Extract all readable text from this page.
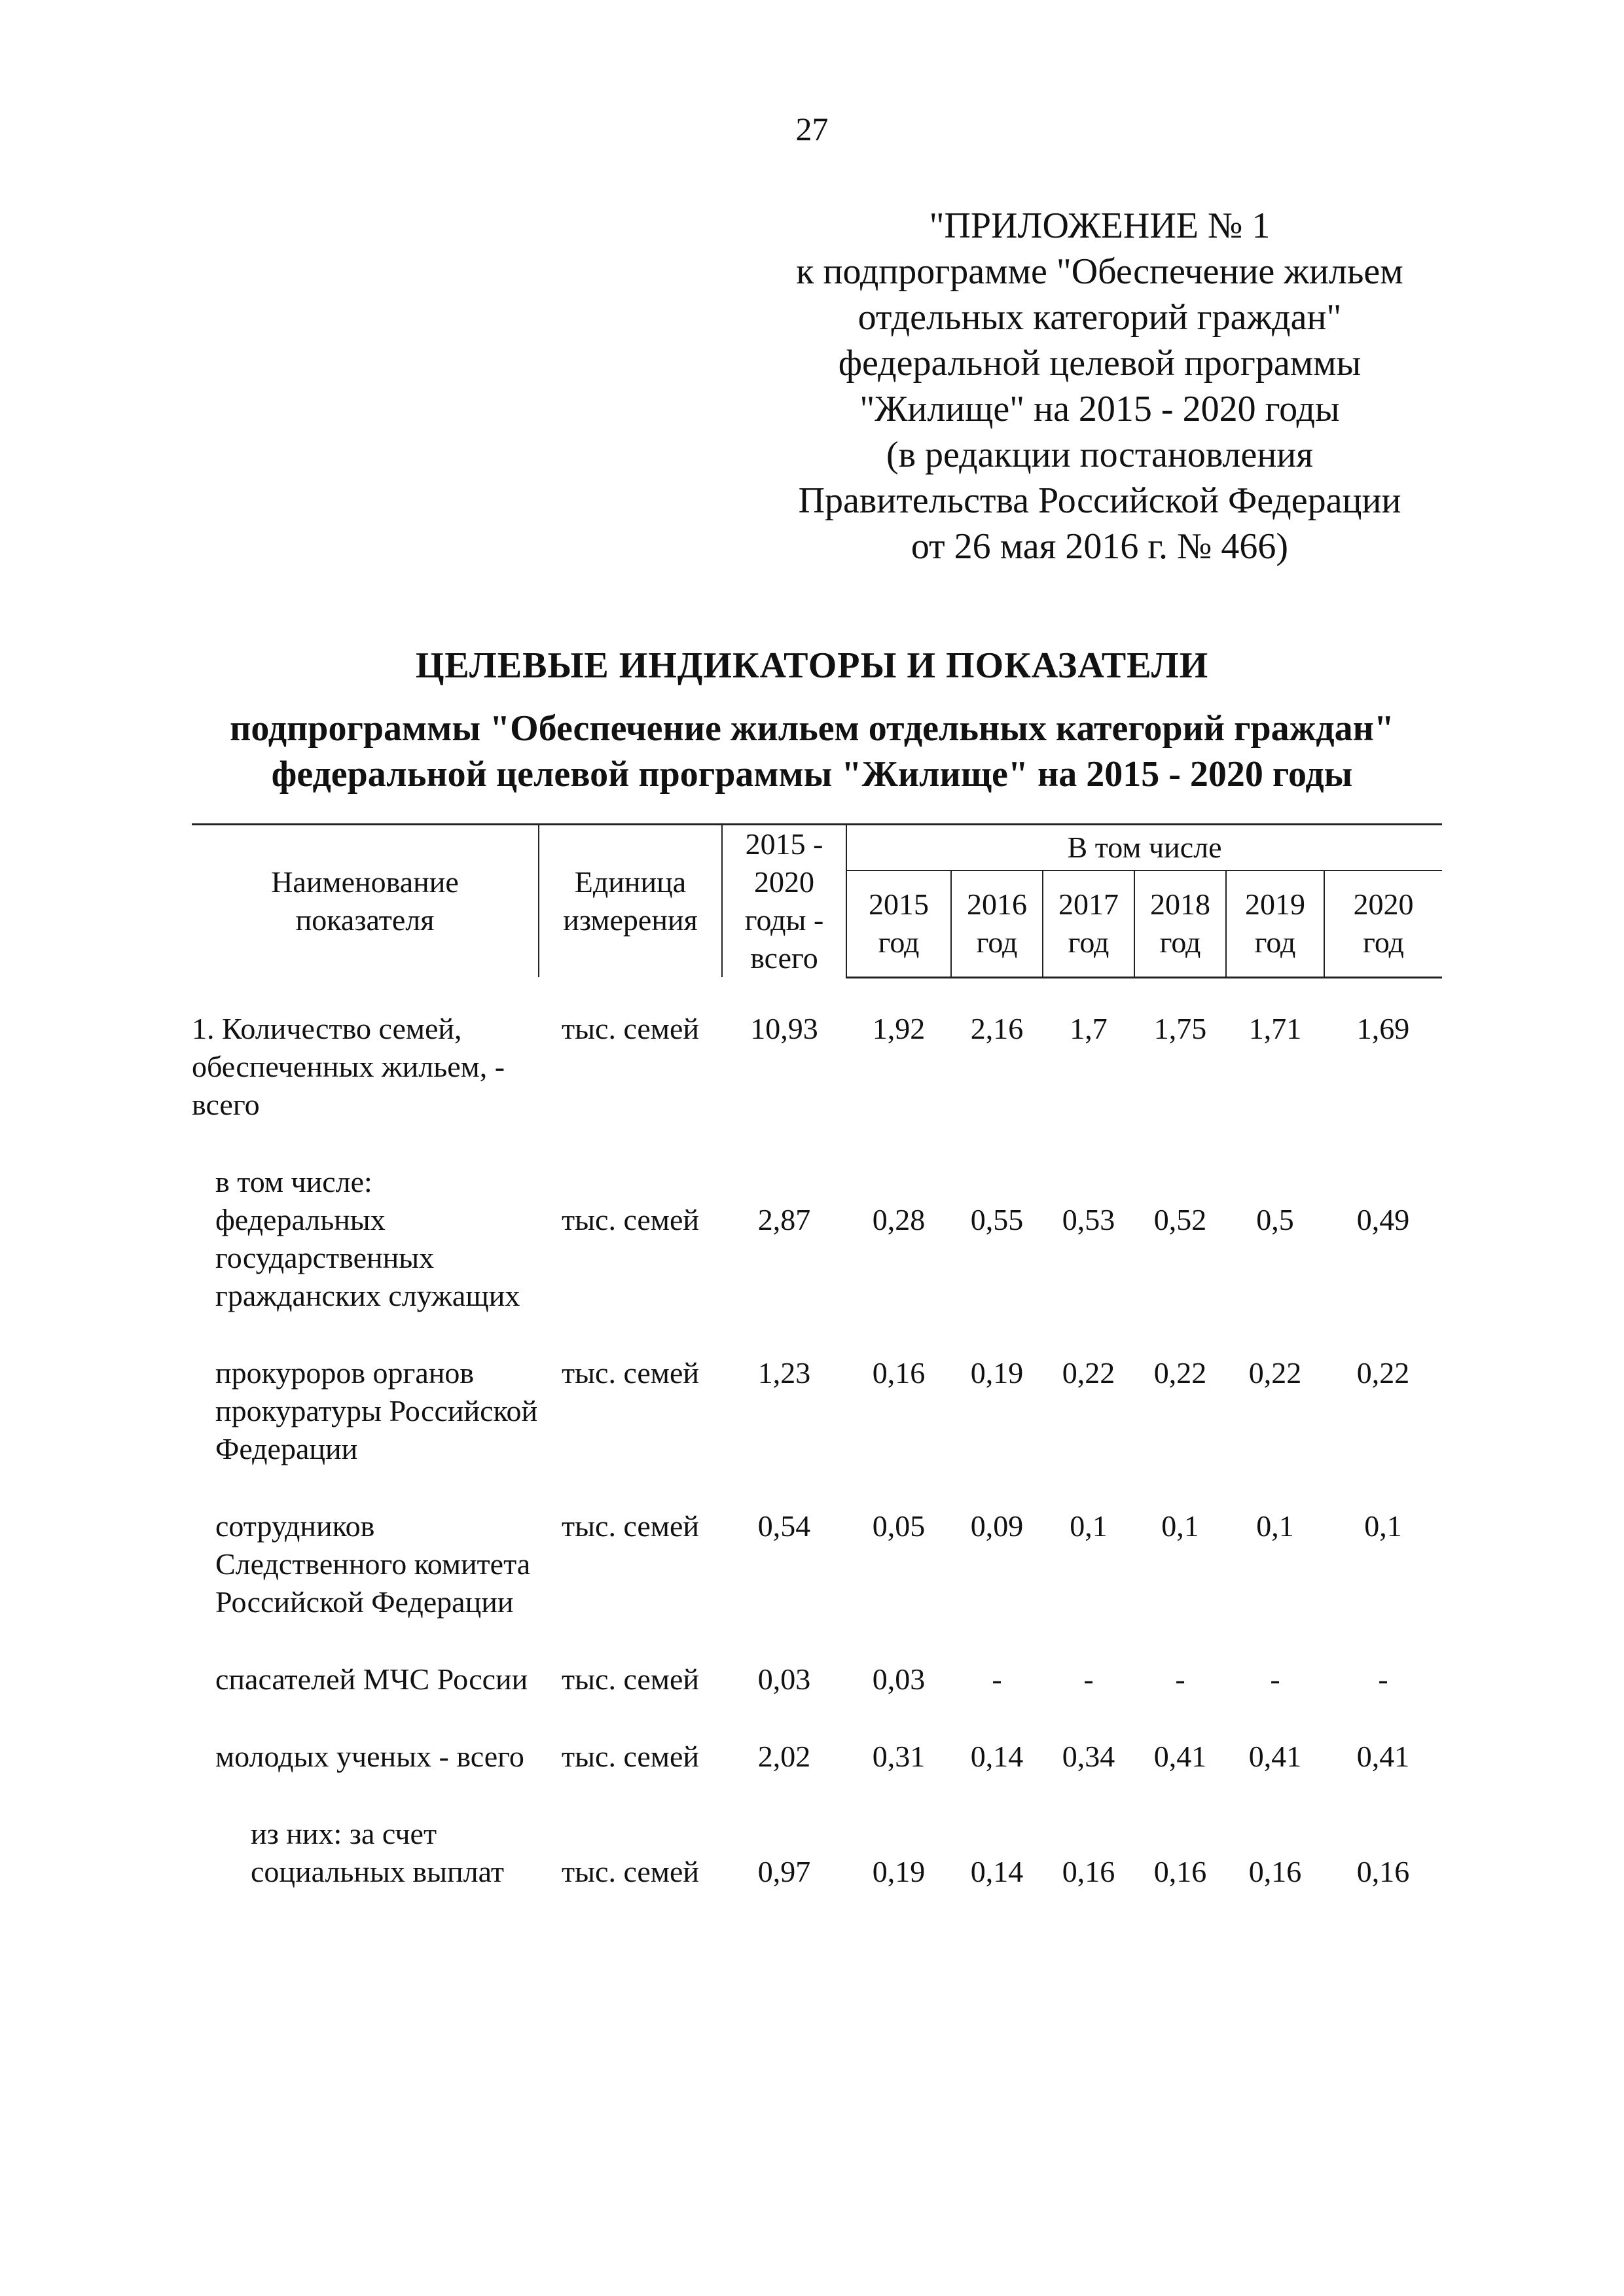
27
"ПРИЛОЖЕНИЕ № 1
к подпрограмме "Обеспечение жильем
отдельных категорий граждан"
федеральной целевой программы
"Жилище" на 2015 - 2020 годы
(в редакции постановления
Правительства Российской Федерации
от 26 мая 2016 г. № 466)
ЦЕЛЕВЫЕ ИНДИКАТОРЫ И ПОКАЗАТЕЛИ
подпрограммы "Обеспечение жильем отдельных категорий граждан"
федеральной целевой программы "Жилище" на 2015 - 2020 годы
Наименование показателя	Единица измерения	2015 - 2020 годы - всего	В том числе					
			2015 год	2016 год	2017 год	2018 год	2019 год	2020 год

1. Количество семей, обеспеченных жильем, - всего	тыс. семей	10,93	1,92	2,16	1,7	1,75	1,71	1,69

в том числе: федеральных государственных гражданских служащих	тыс. семей	2,87	0,28	0,55	0,53	0,52	0,5	0,49

прокуроров органов прокуратуры Российской Федерации	тыс. семей	1,23	0,16	0,19	0,22	0,22	0,22	0,22

сотрудников Следственного комитета Российской Федерации	тыс. семей	0,54	0,05	0,09	0,1	0,1	0,1	0,1

спасателей МЧС России	тыс. семей	0,03	0,03	-	-	-	-	-

молодых ученых - всего	тыс. семей	2,02	0,31	0,14	0,34	0,41	0,41	0,41

из них: за счет социальных выплат	тыс. семей	0,97	0,19	0,14	0,16	0,16	0,16	0,16
